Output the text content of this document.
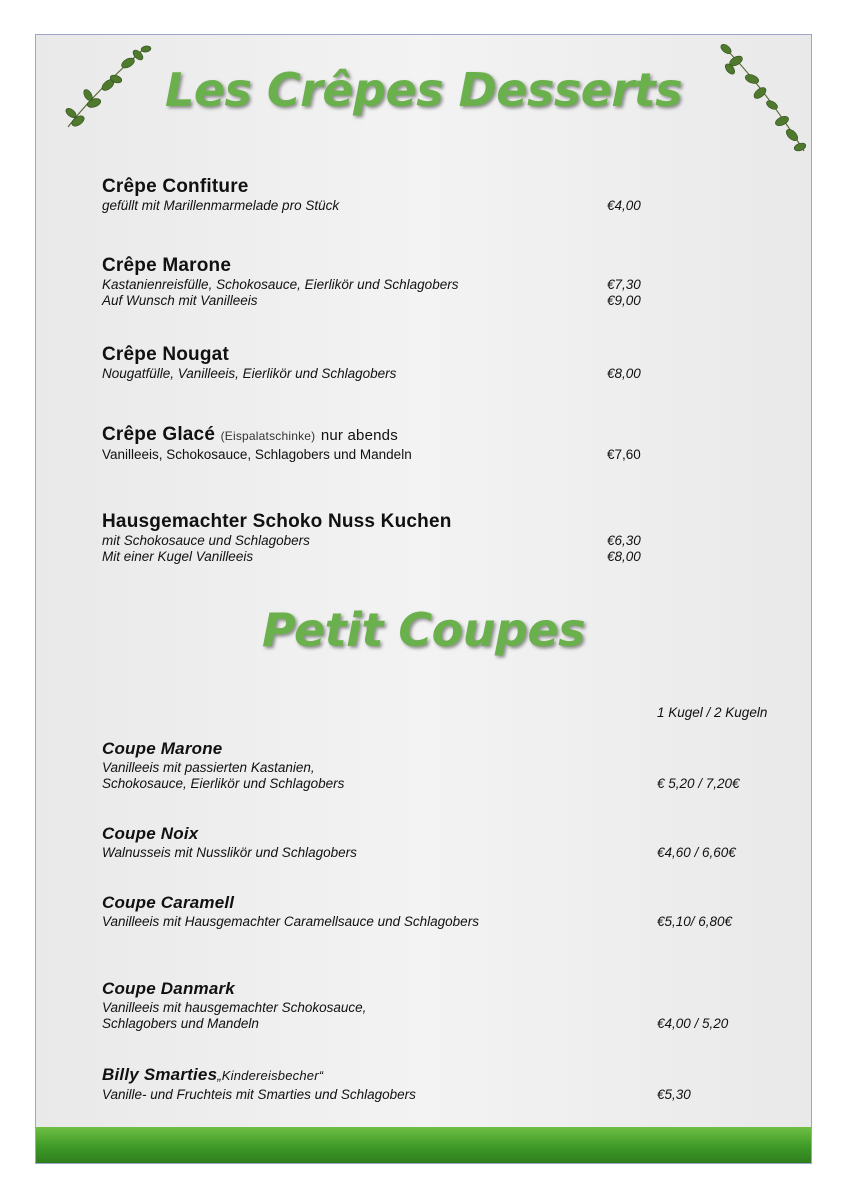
Les Crêpes Desserts
Crêpe Confiture
gefüllt mit Marillenmarmelade pro Stück	€4,00
Crêpe Marone
Kastanienreisfülle, Schokosauce, Eierlikör und Schlagobers	€7,30
Auf Wunsch mit Vanilleeis	€9,00
Crêpe Nougat
Nougatfülle, Vanilleeis, Eierlikör und Schlagobers	€8,00
Crêpe Glacé (Eispalatschinke) nur abends
Vanilleeis, Schokosauce, Schlagobers und Mandeln	€7,60
Hausgemachter Schoko Nuss Kuchen
mit Schokosauce und Schlagobers	€6,30
Mit einer Kugel Vanilleeis	€8,00
Petit Coupes
1 Kugel / 2 Kugeln
Coupe Marone
Vanilleeis mit passierten Kastanien,
Schokosauce, Eierlikör und Schlagobers	€ 5,20 / 7,20€
Coupe Noix
Walnusseis mit Nusslikör und Schlagobers	€4,60 / 6,60€
Coupe Caramell
Vanilleeis mit Hausgemachter Caramellsauce und Schlagobers	€5,10/ 6,80€
Coupe Danmark
Vanilleeis mit hausgemachter Schokosauce,
Schlagobers und Mandeln	€4,00 / 5,20
Billy Smarties„Kindereisbecher“
Vanille- und Fruchteis mit Smarties und Schlagobers	€5,30
